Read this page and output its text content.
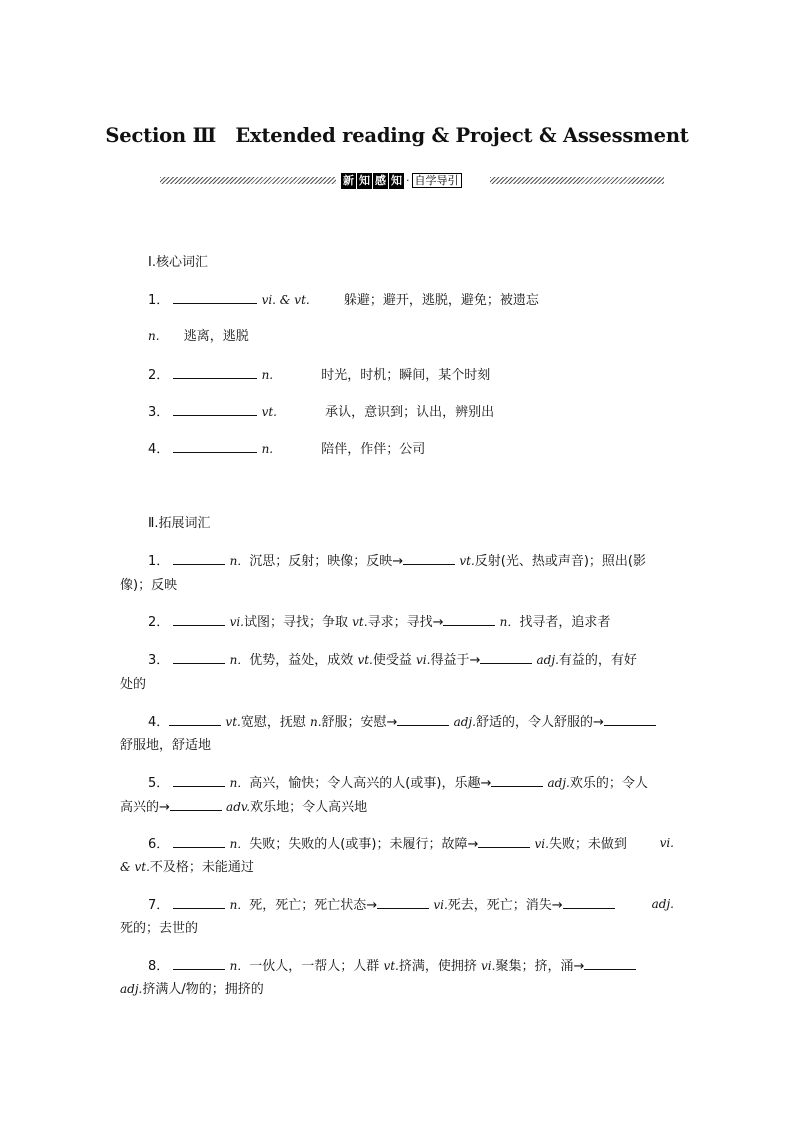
Section Ⅲ　Extended reading & Project & Assessment
新 知 感 知 · 自学导引
Ⅰ.核心词汇
1．	vi. & vt.	躲避；避开，逃脱，避免；被遗忘
n. 逃离，逃脱
2．	n.	时光，时机；瞬间，某个时刻
3．	vt.	承认，意识到；认出，辨别出
4．	n.	陪伴，作伴；公司
Ⅱ.拓展词汇
1．	n．沉思；反射；映像；反映→	vt.反射(光、热或声音)；照出(影
像)；反映
2．	vi.试图；寻找；争取 vt.寻求；寻找→	n．找寻者，追求者
3．	n．优势，益处，成效 vt.使受益 vi.得益于→	adj.有益的，有好
处的
4．	vt.宽慰，抚慰 n.舒服；安慰→	adj.舒适的，令人舒服的→
舒服地，舒适地
5．	n．高兴，愉快；令人高兴的人(或事)，乐趣→	adj.欢乐的；令人
高兴的→	adv.欢乐地；令人高兴地
6．	n．失败；失败的人(或事)；未履行；故障→	vi.失败；未做到	vi.
& vt.不及格；未能通过
7．	n．死，死亡；死亡状态→	vi.死去，死亡；消失→	adj.
死的；去世的
8．	n．一伙人，一帮人；人群 vt.挤满，使拥挤 vi.聚集；挤，涌→
adj.挤满人/物的；拥挤的
